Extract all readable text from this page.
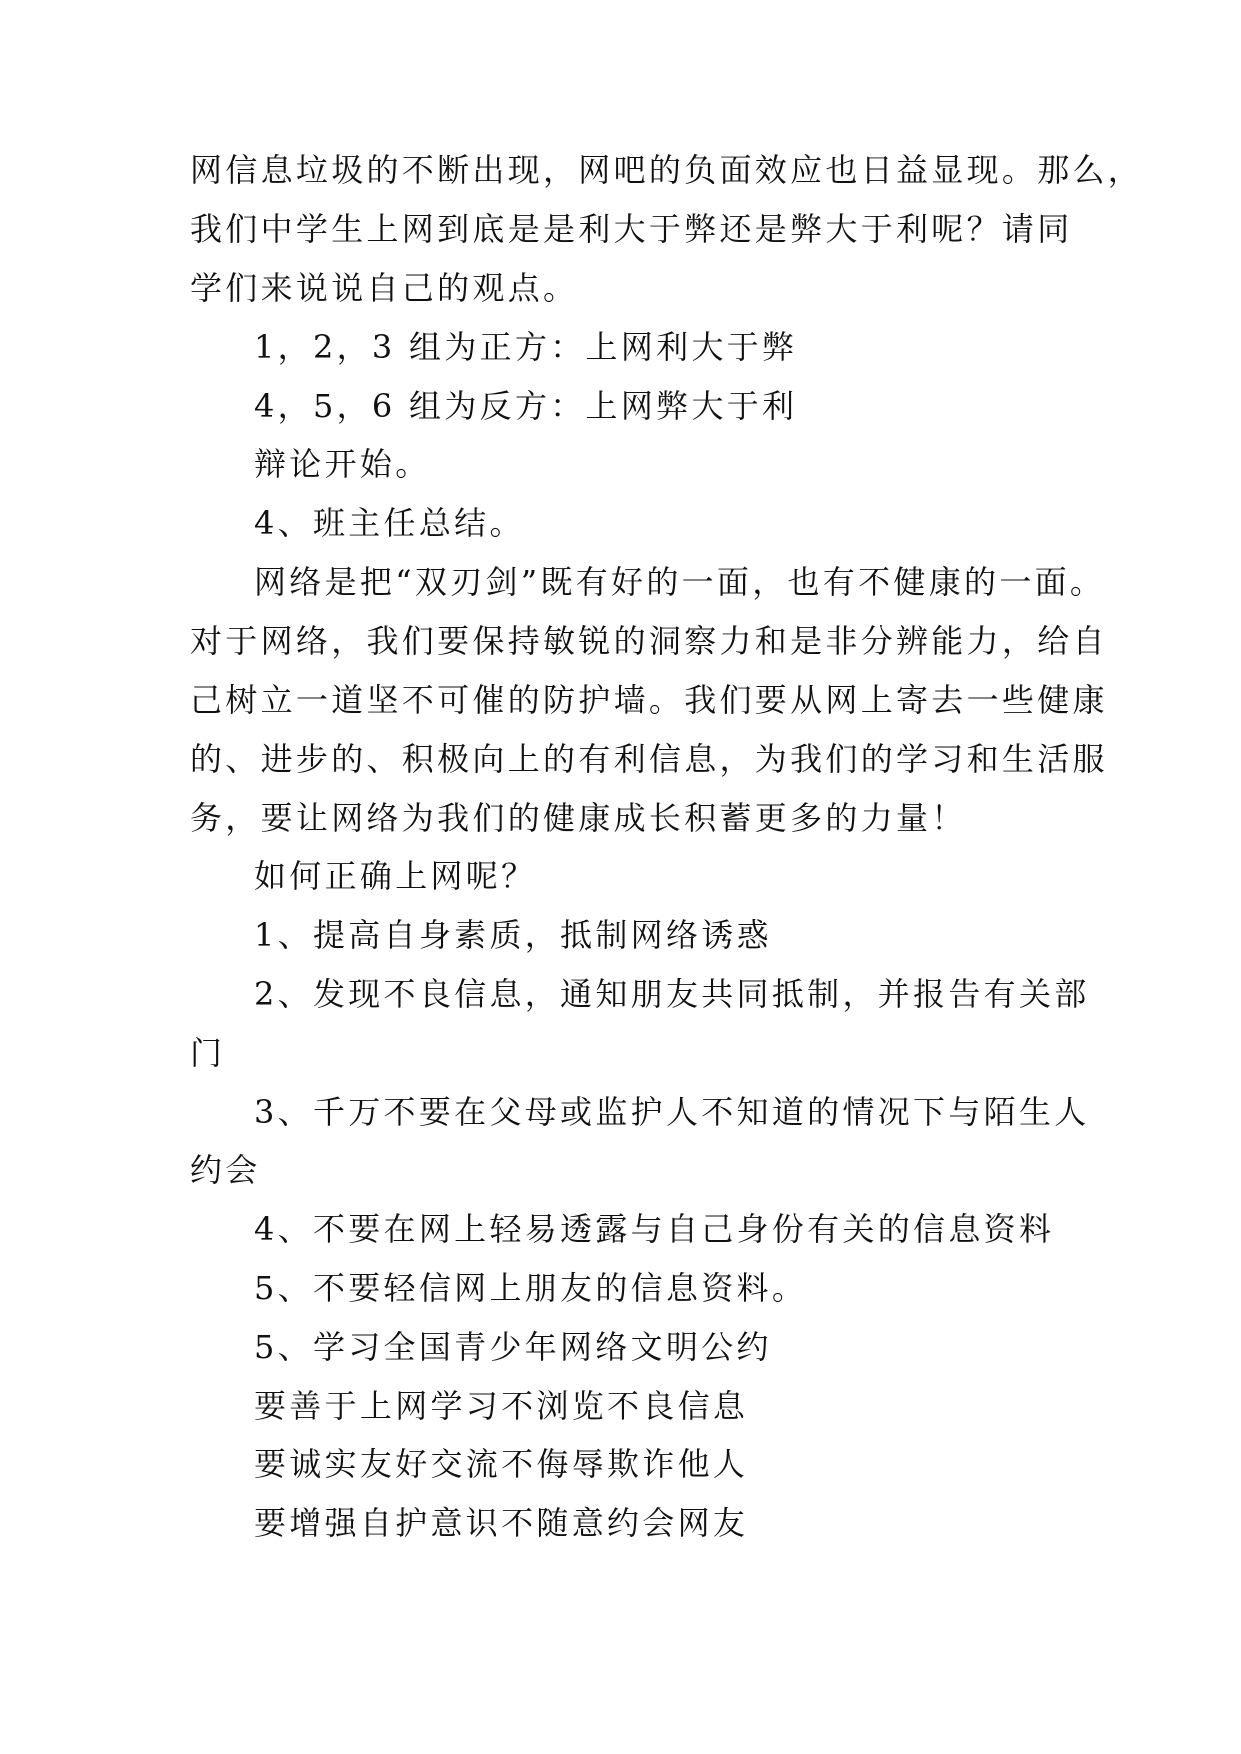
网信息垃圾的不断出现，网吧的负面效应也日益显现。那么，
我们中学生上网到底是是利大于弊还是弊大于利呢？请同
学们来说说自己的观点。
1，2，3 组为正方：上网利大于弊
4，5，6 组为反方：上网弊大于利
辩论开始。
4、班主任总结。
网络是把“双刃剑”既有好的一面，也有不健康的一面。
对于网络，我们要保持敏锐的洞察力和是非分辨能力，给自
己树立一道坚不可催的防护墙。我们要从网上寄去一些健康
的、进步的、积极向上的有利信息，为我们的学习和生活服
务，要让网络为我们的健康成长积蓄更多的力量！
如何正确上网呢？
1、提高自身素质，抵制网络诱惑
2、发现不良信息，通知朋友共同抵制，并报告有关部
门
3、千万不要在父母或监护人不知道的情况下与陌生人
约会
4、不要在网上轻易透露与自己身份有关的信息资料
5、不要轻信网上朋友的信息资料。
5、学习全国青少年网络文明公约
要善于上网学习不浏览不良信息
要诚实友好交流不侮辱欺诈他人
要增强自护意识不随意约会网友
